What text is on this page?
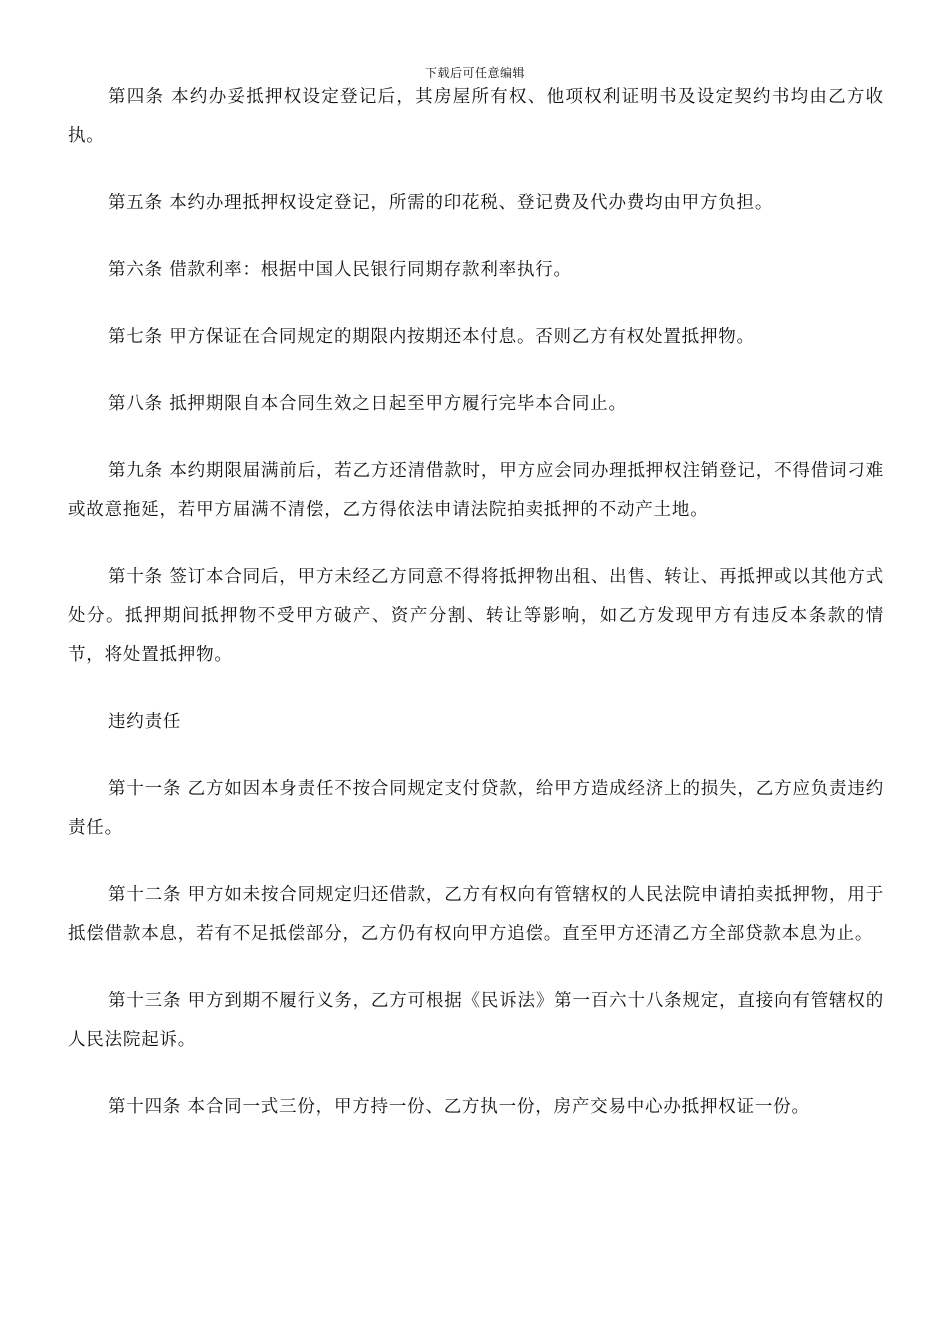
下载后可任意编辑

第四条 本约办妥抵押权设定登记后，其房屋所有权、他项权利证明书及设定契约书均由乙方收执。

第五条 本约办理抵押权设定登记，所需的印花税、登记费及代办费均由甲方负担。

第六条 借款利率：根据中国人民银行同期存款利率执行。

第七条 甲方保证在合同规定的期限内按期还本付息。否则乙方有权处置抵押物。

第八条 抵押期限自本合同生效之日起至甲方履行完毕本合同止。

第九条 本约期限届满前后，若乙方还清借款时，甲方应会同办理抵押权注销登记，不得借词刁难或故意拖延，若甲方届满不清偿，乙方得依法申请法院拍卖抵押的不动产土地。

第十条 签订本合同后，甲方未经乙方同意不得将抵押物出租、出售、转让、再抵押或以其他方式处分。抵押期间抵押物不受甲方破产、资产分割、转让等影响，如乙方发现甲方有违反本条款的情节，将处置抵押物。

违约责任

第十一条 乙方如因本身责任不按合同规定支付贷款，给甲方造成经济上的损失，乙方应负责违约责任。

第十二条 甲方如未按合同规定归还借款，乙方有权向有管辖权的人民法院申请拍卖抵押物，用于抵偿借款本息，若有不足抵偿部分，乙方仍有权向甲方追偿。直至甲方还清乙方全部贷款本息为止。

第十三条 甲方到期不履行义务，乙方可根据《民诉法》第一百六十八条规定，直接向有管辖权的人民法院起诉。

第十四条 本合同一式三份，甲方持一份、乙方执一份，房产交易中心办抵押权证一份。
